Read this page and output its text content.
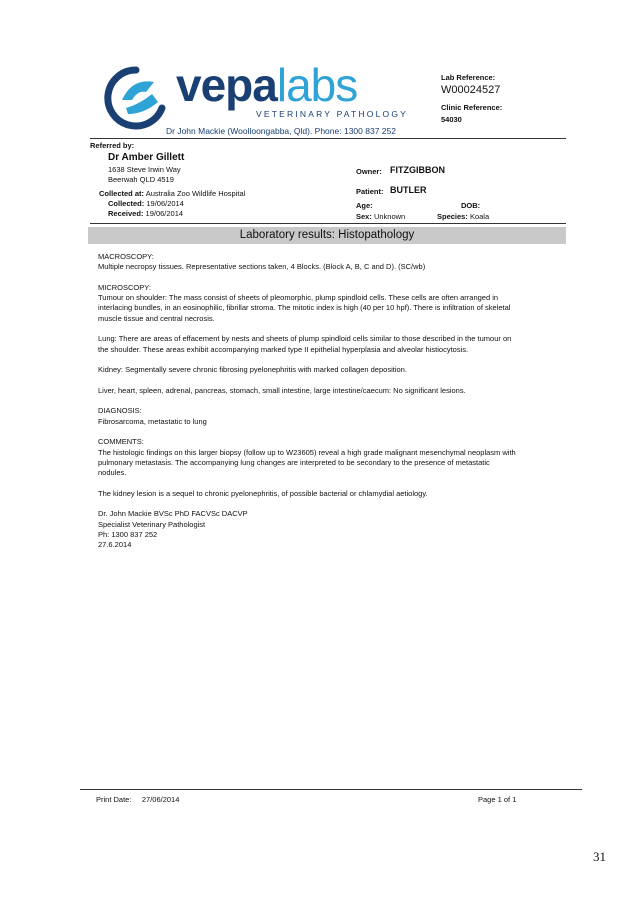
vepalabs
VETERINARY PATHOLOGY
Dr John Mackie (Woolloongabba, Qld). Phone: 1300 837 252
Lab Reference:
W00024527
Clinic Reference:
54030
Referred by:
Dr Amber Gillett
1638 Steve Irwin Way
Beerwah QLD 4519
Collected at: Australia Zoo Wildlife Hospital
Collected: 19/06/2014
Received: 19/06/2014
Owner: FITZGIBBON
Patient: BUTLER
Age:	DOB:
Sex: Unknown	Species: Koala
Laboratory results: Histopathology
MACROSCOPY:

Multiple necropsy tissues. Representative sections taken, 4 Blocks. (Block A, B, C and D). (SC/wb)

MICROSCOPY:

Tumour on shoulder: The mass consist of sheets of pleomorphic, plump spindloid cells. These cells are often arranged in interlacing bundles, in an eosinophilic, fibrillar stroma. The mitotic index is high (40 per 10 hpf). There is infiltration of skeletal muscle tissue and central necrosis.

Lung: There are areas of effacement by nests and sheets of plump spindloid cells similar to those described in the tumour on the shoulder. These areas exhibit accompanying marked type II epithelial hyperplasia and alveolar histiocytosis.

Kidney: Segmentally severe chronic fibrosing pyelonephritis with marked collagen deposition.

Liver, heart, spleen, adrenal, pancreas, stomach, small intestine, large intestine/caecum: No significant lesions.

DIAGNOSIS:

Fibrosarcoma, metastatic to lung

COMMENTS:

The histologic findings on this larger biopsy (follow up to W23605) reveal a high grade malignant mesenchymal neoplasm with pulmonary metastasis. The accompanying lung changes are interpreted to be secondary to the presence of metastatic nodules.

The kidney lesion is a sequel to chronic pyelonephritis, of possible bacterial or chlamydial aetiology.

Dr. John Mackie BVSc PhD FACVSc DACVP
Specialist Veterinary Pathologist
Ph: 1300 837 252
27.6.2014
Print Date: 27/06/2014	Page 1 of 1
31
